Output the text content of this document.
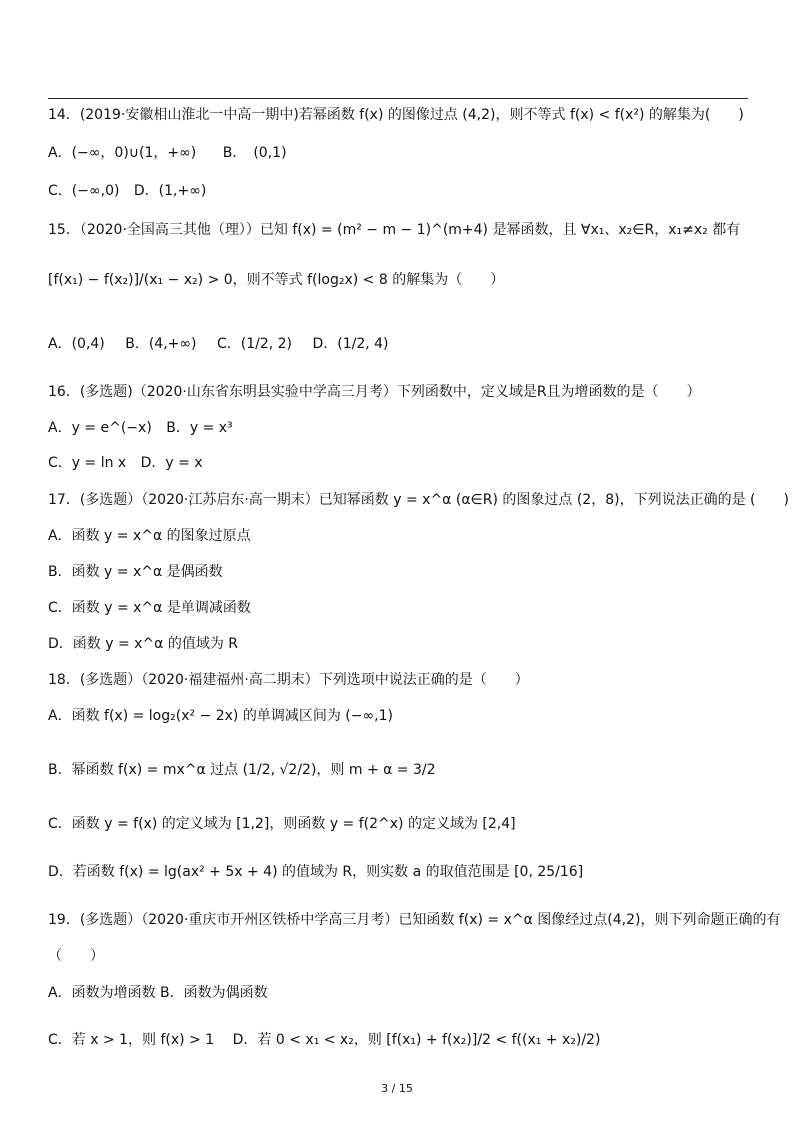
14．(2019·安徽相山淮北一中高一期中)若幂函数 f(x) 的图像过点 (4,2)，则不等式 f(x) < f(x²) 的解集为(　　)
A．(−∞，0)∪(1，+∞) B．　(0,1)
C．(−∞,0) D．(1,+∞)
15．（2020·全国高三其他（理））已知 f(x) = (m² − m − 1)^(m+4) 是幂函数，且 ∀x₁、x₂∈R，x₁≠x₂ 都有
[f(x₁) − f(x₂)]/(x₁ − x₂) > 0，则不等式 f(log₂x) < 8 的解集为（　　）
A．(0,4) B．(4,+∞) C．(1/2, 2) D．(1/2, 4)
16．(多选题)（2020·山东省东明县实验中学高三月考）下列函数中，定义域是R且为增函数的是（　　）
A．y = e^(−x) B．y = x³
C．y = ln x D．y = x
17．(多选题）（2020·江苏启东·高一期末）已知幂函数 y = x^α (α∈R) 的图象过点 (2，8)，下列说法正确的是 (　　)
A．函数 y = x^α 的图象过原点
B．函数 y = x^α 是偶函数
C．函数 y = x^α 是单调减函数
D．函数 y = x^α 的值域为 R
18．(多选题）（2020·福建福州·高二期末）下列选项中说法正确的是（　　）
A．函数 f(x) = log₂(x² − 2x) 的单调减区间为 (−∞,1)
B．幂函数 f(x) = mx^α 过点 (1/2, √2/2)，则 m + α = 3/2
C．函数 y = f(x) 的定义域为 [1,2]，则函数 y = f(2^x) 的定义域为 [2,4]
D．若函数 f(x) = lg(ax² + 5x + 4) 的值域为 R，则实数 a 的取值范围是 [0, 25/16]
19．(多选题）（2020·重庆市开州区铁桥中学高三月考）已知函数 f(x) = x^α 图像经过点(4,2)，则下列命题正确的有
（　　）
A．函数为增函数 B．函数为偶函数
C．若 x > 1，则 f(x) > 1 D．若 0 < x₁ < x₂，则 [f(x₁) + f(x₂)]/2 < f((x₁ + x₂)/2)
3 / 15
